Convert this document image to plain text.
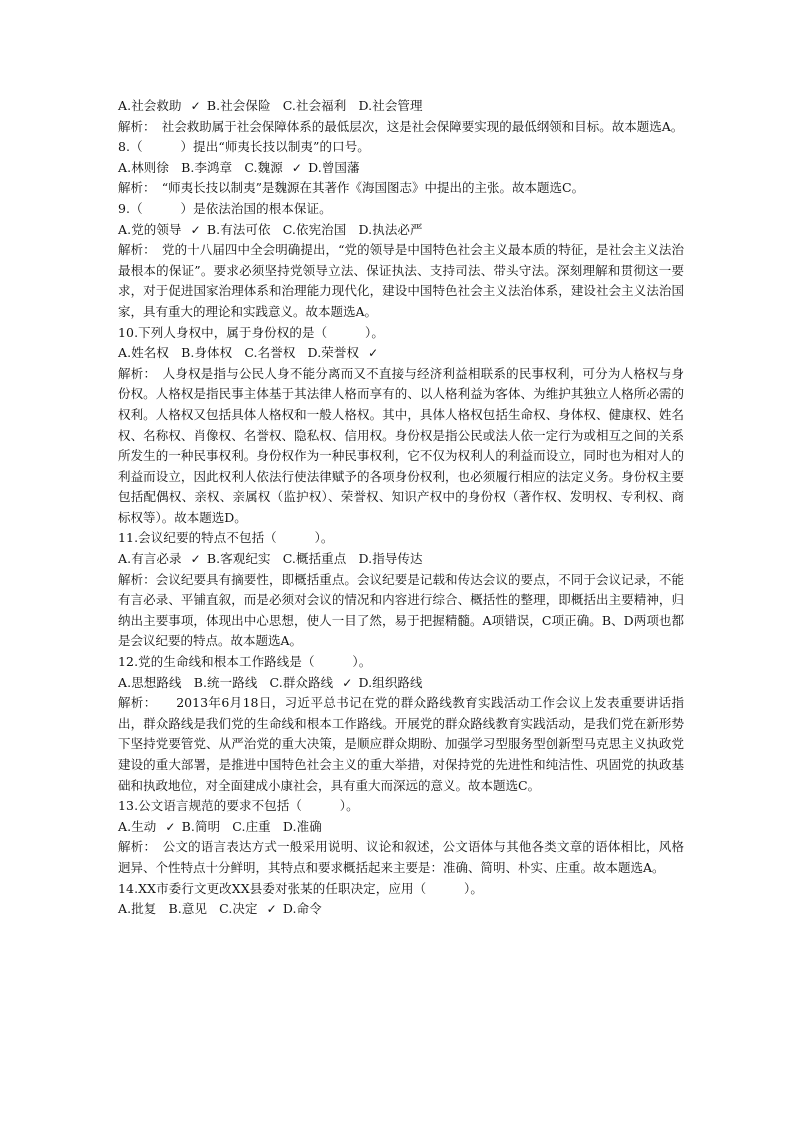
A.社会救助 ✓ B.社会保险 C.社会福利 D.社会管理
解析：　社会救助属于社会保障体系的最低层次，这是社会保障要实现的最低纲领和目标。故本题选A。
8.（　　　）提出“师夷长技以制夷”的口号。
A.林则徐 B.李鸿章 C.魏源 ✓ D.曾国藩
解析：　“师夷长技以制夷”是魏源在其著作《海国图志》中提出的主张。故本题选C。
9.（　　　）是依法治国的根本保证。
A.党的领导 ✓ B.有法可依 C.依宪治国 D.执法必严
解析：　党的十八届四中全会明确提出，“党的领导是中国特色社会主义最本质的特征，是社会主义法治最根本的保证”。要求必须坚持党领导立法、保证执法、支持司法、带头守法。深刻理解和贯彻这一要求，对于促进国家治理体系和治理能力现代化，建设中国特色社会主义法治体系，建设社会主义法治国家，具有重大的理论和实践意义。故本题选A。
10.下列人身权中，属于身份权的是（　　　）。
A.姓名权 B.身体权 C.名誉权 D.荣誉权 ✓
解析：　人身权是指与公民人身不能分离而又不直接与经济利益相联系的民事权利，可分为人格权与身份权。人格权是指民事主体基于其法律人格而享有的、以人格利益为客体、为维护其独立人格所必需的权利。人格权又包括具体人格权和一般人格权。其中，具体人格权包括生命权、身体权、健康权、姓名权、名称权、肖像权、名誉权、隐私权、信用权。身份权是指公民或法人依一定行为或相互之间的关系所发生的一种民事权利。身份权作为一种民事权利，它不仅为权利人的利益而设立，同时也为相对人的利益而设立，因此权利人依法行使法律赋予的各项身份权利，也必须履行相应的法定义务。身份权主要包括配偶权、亲权、亲属权（监护权）、荣誉权、知识产权中的身份权（著作权、发明权、专利权、商标权等）。故本题选D。
11.会议纪要的特点不包括（　　　）。
A.有言必录 ✓ B.客观纪实 C.概括重点 D.指导传达
解析：会议纪要具有摘要性，即概括重点。会议纪要是记载和传达会议的要点，不同于会议记录，不能有言必录、平铺直叙，而是必须对会议的情况和内容进行综合、概括性的整理，即概括出主要精神，归纳出主要事项，体现出中心思想，使人一目了然，易于把握精髓。A项错误，C项正确。B、D两项也都是会议纪要的特点。故本题选A。
12.党的生命线和根本工作路线是（　　　）。
A.思想路线 B.统一路线 C.群众路线 ✓ D.组织路线
解析：　　2013年6月18日，习近平总书记在党的群众路线教育实践活动工作会议上发表重要讲话指出，群众路线是我们党的生命线和根本工作路线。开展党的群众路线教育实践活动，是我们党在新形势下坚持党要管党、从严治党的重大决策，是顺应群众期盼、加强学习型服务型创新型马克思主义执政党建设的重大部署，是推进中国特色社会主义的重大举措，对保持党的先进性和纯洁性、巩固党的执政基础和执政地位，对全面建成小康社会，具有重大而深远的意义。故本题选C。
13.公文语言规范的要求不包括（　　　）。
A.生动 ✓ B.简明 C.庄重 D.准确
解析：　公文的语言表达方式一般采用说明、议论和叙述，公文语体与其他各类文章的语体相比，风格迥异、个性特点十分鲜明，其特点和要求概括起来主要是：准确、简明、朴实、庄重。故本题选A。
14.XX市委行文更改XX县委对张某的任职决定，应用（　　　）。
A.批复 B.意见 C.决定 ✓ D.命令
